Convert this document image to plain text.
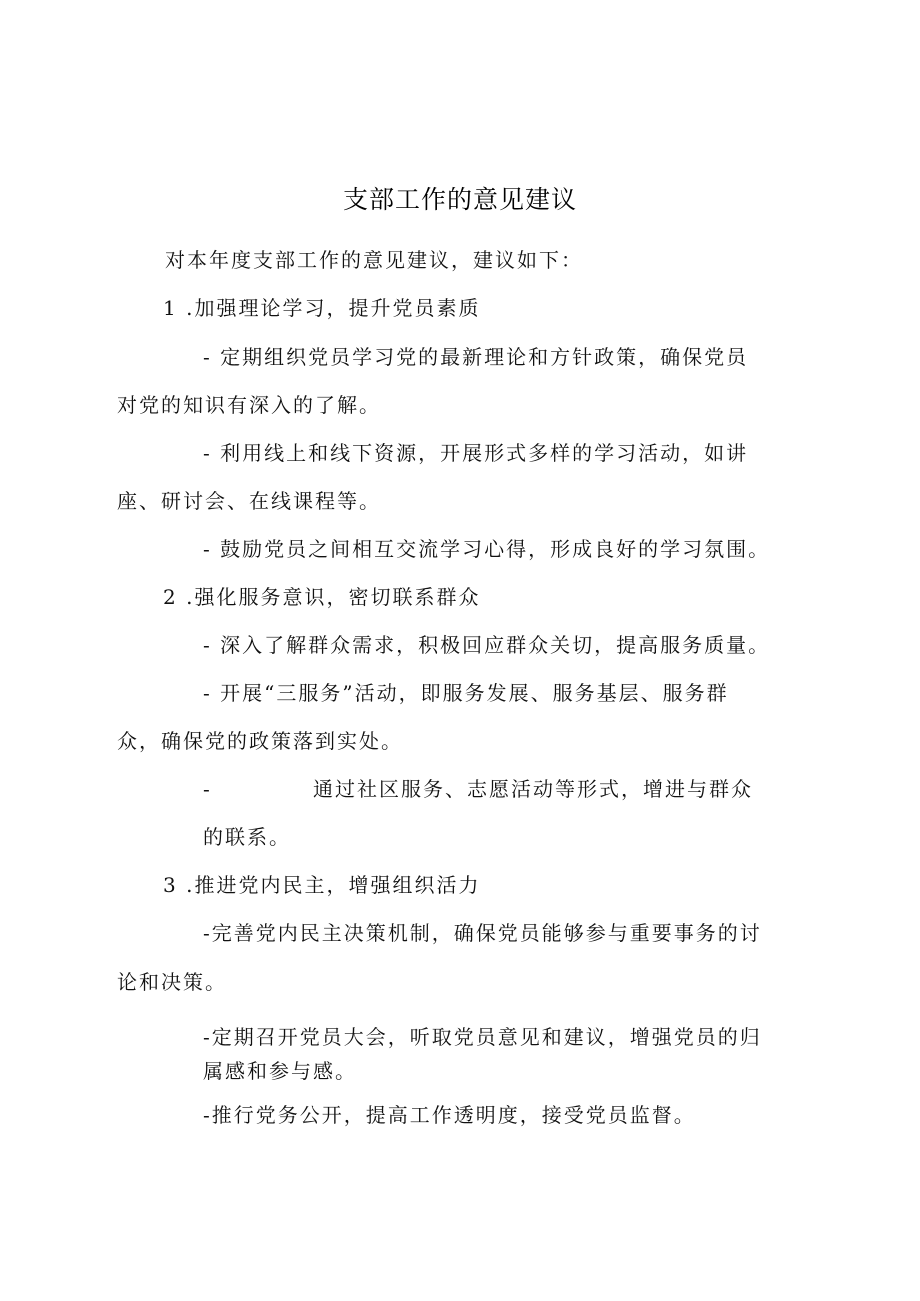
支部工作的意见建议
对本年度支部工作的意见建议，建议如下：
1 .加强理论学习，提升党员素质
- 定期组织党员学习党的最新理论和方针政策，确保党员
对党的知识有深入的了解。
- 利用线上和线下资源，开展形式多样的学习活动，如讲
座、研讨会、在线课程等。
- 鼓励党员之间相互交流学习心得，形成良好的学习氛围。
2 .强化服务意识，密切联系群众
- 深入了解群众需求，积极回应群众关切，提高服务质量。
- 开展“三服务”活动，即服务发展、服务基层、服务群
众，确保党的政策落到实处。
-	通过社区服务、志愿活动等形式，增进与群众
的联系。
3 .推进党内民主，增强组织活力
-完善党内民主决策机制，确保党员能够参与重要事务的讨
论和决策。
-定期召开党员大会，听取党员意见和建议，增强党员的归
属感和参与感。
-推行党务公开，提高工作透明度，接受党员监督。
